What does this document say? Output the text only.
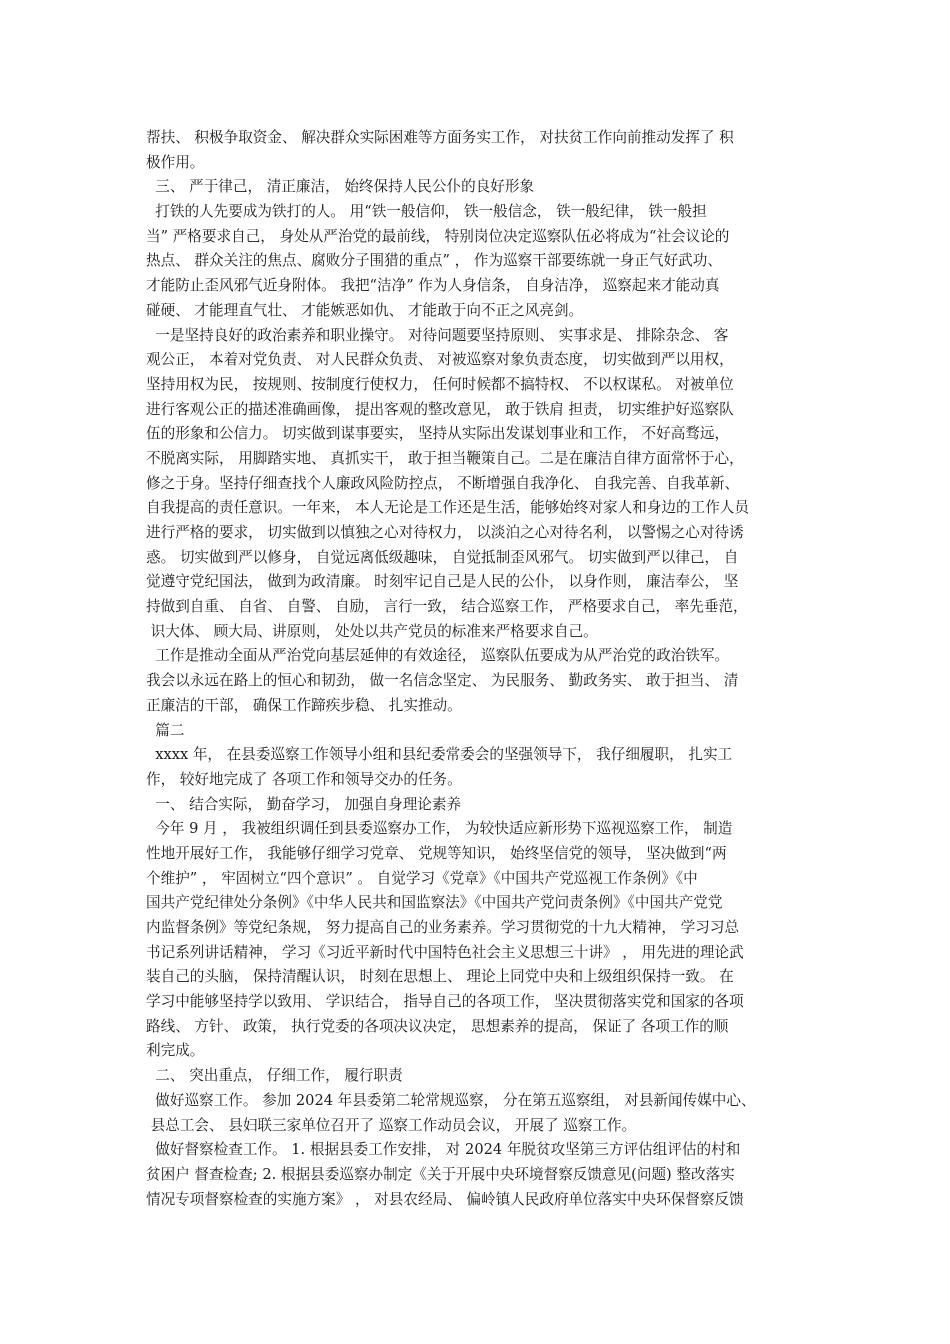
帮扶、 积极争取资金、 解决群众实际困难等方面务实工作， 对扶贫工作向前推动发挥了 积

极作用。

三、 严于律己， 清正廉洁， 始终保持人民公仆的良好形象

打铁的人先要成为铁打的人。 用“铁一般信仰， 铁一般信念， 铁一般纪律， 铁一般担

当” 严格要求自己， 身处从严治党的最前线， 特别岗位决定巡察队伍必将成为“社会议论的

热点、 群众关注的焦点、腐败分子围猎的重点” ， 作为巡察干部要练就一身正气好武功、

才能防止歪风邪气近身附体。 我把“洁净” 作为人身信条， 自身洁净， 巡察起来才能动真

碰硬、 才能理直气壮、 才能嫉恶如仇、 才能敢于向不正之风亮剑。

一是坚持良好的政治素养和职业操守。 对待问题要坚持原则、 实事求是、 排除杂念、 客

观公正， 本着对党负责、 对人民群众负责、 对被巡察对象负责态度， 切实做到严以用权，

坚持用权为民， 按规则、按制度行使权力， 任何时候都不搞特权、 不以权谋私。 对被单位

进行客观公正的描述准确画像， 提出客观的整改意见， 敢于铁肩 担责， 切实维护好巡察队

伍的形象和公信力。 切实做到谋事要实， 坚持从实际出发谋划事业和工作， 不好高骛远，

不脱离实际， 用脚踏实地、 真抓实干， 敢于担当鞭策自己。二是在廉洁自律方面常怀于心，

修之于身。坚持仔细查找个人廉政风险防控点， 不断增强自我净化、 自我完善、自我革新、

自我提高的责任意识。一年来， 本人无论是工作还是生活，能够始终对家人和身边的工作人员

进行严格的要求， 切实做到以慎独之心对待权力， 以淡泊之心对待名利， 以警惕之心对待诱

惑。 切实做到严以修身， 自觉远离低级趣味， 自觉抵制歪风邪气。 切实做到严以律己， 自

觉遵守党纪国法， 做到为政清廉。 时刻牢记自己是人民的公仆， 以身作则， 廉洁奉公， 坚

持做到自重、 自省、 自警、 自励， 言行一致， 结合巡察工作， 严格要求自己， 率先垂范，

识大体、 顾大局、讲原则， 处处以共产党员的标准来严格要求自己。

工作是推动全面从严治党向基层延伸的有效途径， 巡察队伍要成为从严治党的政治铁军。

我会以永远在路上的恒心和韧劲， 做一名信念坚定、 为民服务、 勤政务实、 敢于担当、 清

正廉洁的干部， 确保工作蹄疾步稳、 扎实推动。

篇二

xxxx 年， 在县委巡察工作领导小组和县纪委常委会的坚强领导下， 我仔细履职， 扎实工

作， 较好地完成了 各项工作和领导交办的任务。

一、 结合实际， 勤奋学习， 加强自身理论素养

今年 9 月 ， 我被组织调任到县委巡察办工作， 为较快适应新形势下巡视巡察工作， 制造

性地开展好工作， 我能够仔细学习党章、 党规等知识， 始终坚信党的领导， 坚决做到“两

个维护” ， 牢固树立“四个意识” 。 自觉学习《党章》《中国共产党巡视工作条例》《中

国共产党纪律处分条例》《中华人民共和国监察法》《中国共产党问责条例》《中国共产党党

内监督条例》等党纪条规， 努力提高自己的业务素养。学习贯彻党的十九大精神， 学习习总

书记系列讲话精神， 学习《习近平新时代中国特色社会主义思想三十讲》 ， 用先进的理论武

装自己的头脑， 保持清醒认识， 时刻在思想上、 理论上同党中央和上级组织保持一致。 在

学习中能够坚持学以致用、 学识结合， 指导自己的各项工作， 坚决贯彻落实党和国家的各项

路线、 方针、 政策， 执行党委的各项决议决定， 思想素养的提高， 保证了 各项工作的顺

利完成。

二、 突出重点， 仔细工作， 履行职责

做好巡察工作。 参加 2024 年县委第二轮常规巡察， 分在第五巡察组， 对县新闻传媒中心、

县总工会、 县妇联三家单位召开了 巡察工作动员会议， 开展了 巡察工作。

做好督察检查工作。 1. 根据县委工作安排， 对 2024 年脱贫攻坚第三方评估组评估的村和

贫困户 督查检查; 2. 根据县委巡察办制定《关于开展中央环境督察反馈意见(问题) 整改落实

情况专项督察检查的实施方案》 ， 对县农经局、 偏岭镇人民政府单位落实中央环保督察反馈
